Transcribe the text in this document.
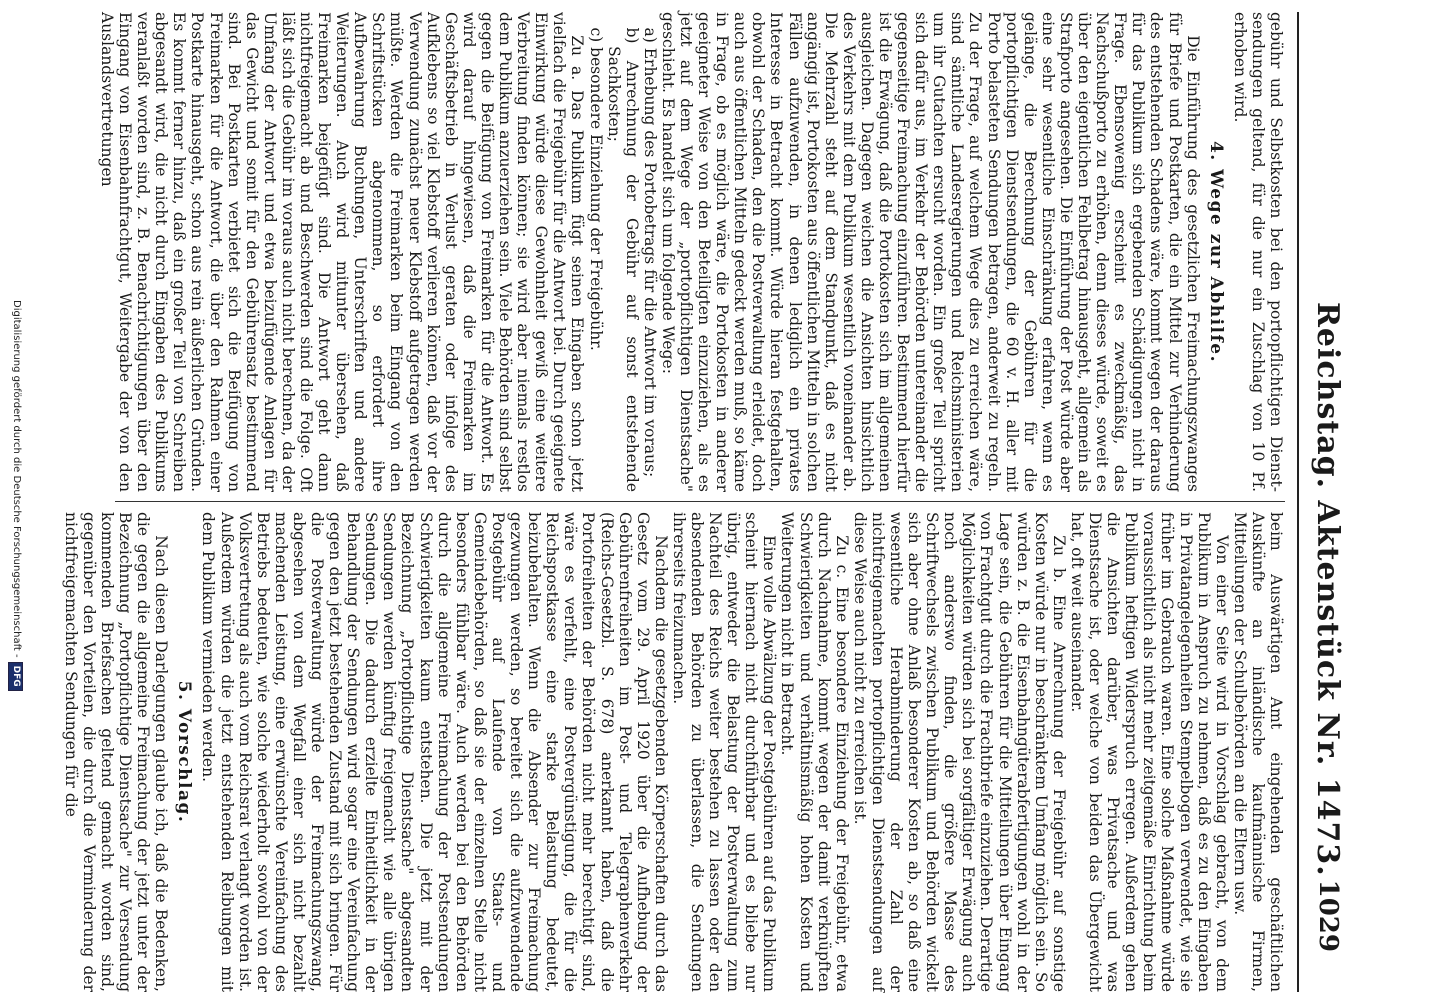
Reichstag. Aktenstück Nr. 1473.
1029

gebühr und Selbstkosten bei den portopflichtigen Dienst- sendungen geltend, für die nur ein Zuschlag von 10 Pf. erhoben wird.

4. Wege zur Abhilfe.

Die Einführung des gesetzlichen Freimachungszwanges für Briefe und Postkarten, die ein Mittel zur Verhinderung des entstehenden Schadens wäre, kommt wegen der daraus für das Publikum sich ergebenden Schädigungen nicht in Frage. Ebensowenig erscheint es zweckmäßig, das Nachschußporto zu erhöhen, denn dieses würde, soweit es über den eigentlichen Fehlbetrag hinausgeht, allgemein als Strafporto angesehen. Die Einführung der Post würde aber eine sehr wesentliche Einschränkung erfahren, wenn es gelänge, die Berechnung der Gebühren für die portopflichtigen Dienstsendungen, die 60 v. H. aller mit Porto belasteten Sendungen betragen, anderweit zu regeln. Zu der Frage, auf welchem Wege dies zu erreichen wäre, sind sämtliche Landesregierungen und Reichsministerien um ihr Gutachten ersucht worden. Ein großer Teil spricht sich dafür aus, im Verkehr der Behörden untereinander die gegenseitige Freimachung einzuführen. Bestimmend hierfür ist die Erwägung, daß die Portokosten sich im allgemeinen ausgleichen. Dagegen weichen die Ansichten hinsichtlich des Verkehrs mit dem Publikum wesentlich voneinander ab. Die Mehrzahl steht auf dem Standpunkt, daß es nicht angängig ist, Portokosten aus öffentlichen Mitteln in solchen Fällen aufzuwenden, in denen lediglich ein privates Interesse in Betracht kommt. Würde hieran festgehalten, obwohl der Schaden, den die Postverwaltung erleidet, doch auch aus öffentlichen Mitteln gedeckt werden muß, so käme in Frage, ob es möglich wäre, die Portokosten in anderer geeigneter Weise von den Beteiligten einzuziehen, als es jetzt auf dem Wege der „portopflichtigen Dienstsache" geschieht. Es handelt sich um folgende Wege:

a) Erhebung des Portobetrags für die Antwort im voraus;

b) Anrechnung der Gebühr auf sonst entstehende Sachkosten;

c) besondere Einziehung der Freigebühr.

Zu a. Das Publikum fügt seinen Eingaben schon jetzt vielfach die Freigebühr für die Antwort bei. Durch geeignete Einwirkung würde diese Gewohnheit gewiß eine weitere Verbreitung finden können; sie wird aber niemals restlos dem Publikum anzuerziehen sein. Viele Behörden sind selbst gegen die Beifügung von Freimarken für die Antwort. Es wird darauf hingewiesen, daß die Freimarken im Geschäftsbetrieb in Verlust geraten oder infolge des Aufklebens so viel Klebstoff verlieren können, daß vor der Verwendung zunächst neuer Klebstoff aufgetragen werden müßte. Werden die Freimarken beim Eingang von den Schriftstücken abgenommen, so erfordert ihre Aufbewahrung Buchungen, Unterschriften und andere Weiterungen. Auch wird mitunter übersehen, daß Freimarken beigefügt sind. Die Antwort geht dann nichtfreigemacht ab und Beschwerden sind die Folge. Oft läßt sich die Gebühr im voraus auch nicht berechnen, da der Umfang der Antwort und etwa beizufügende Anlagen für das Gewicht und somit für den Gebührensatz bestimmend sind. Bei Postkarten verbietet sich die Beifügung von Freimarken für die Antwort, die über den Rahmen einer Postkarte hinausgeht, schon aus rein äußerlichen Gründen. Es kommt ferner hinzu, daß ein großer Teil von Schreiben abgesandt wird, die nicht durch Eingaben des Publikums veranlaßt worden sind, z. B. Benachrichtigungen über den Eingang von Eisenbahnfrachtgut, Weitergabe der von den Auslandsvertretungen

beim Auswärtigen Amt eingehenden geschäftlichen Auskünfte an inländische kaufmännische Firmen, Mitteilungen der Schulbehörden an die Eltern usw.

Von einer Seite wird in Vorschlag gebracht, von dem Publikum in Anspruch zu nehmen, daß es zu den Eingaben in Privatangelegenheiten Stempelbogen verwendet, wie sie früher im Gebrauch waren. Eine solche Maßnahme würde voraussichtlich als nicht mehr zeitgemäße Einrichtung beim Publikum heftigen Widerspruch erregen. Außerdem gehen die Ansichten darüber, was Privatsache und was Dienstsache ist, oder welche von beiden das Übergewicht hat, oft weit auseinander.

Zu b. Eine Anrechnung der Freigebühr auf sonstige Kosten würde nur in beschränktem Umfang möglich sein. So würden z. B. die Eisenbahngüterabfertigungen wohl in der Lage sein, die Gebühren für die Mitteilungen über Eingang von Frachtgut durch die Frachtbriefe einzuziehen. Derartige Möglichkeiten würden sich bei sorgfältiger Erwägung auch noch anderswo finden, die größere Masse des Schriftwechsels zwischen Publikum und Behörden wickelt sich aber ohne Anlaß besonderer Kosten ab, so daß eine wesentliche Herabminderung der Zahl der nichtfreigemachten portopflichtigen Dienstsendungen auf diese Weise auch nicht zu erreichen ist.

Zu c. Eine besondere Einziehung der Freigebühr, etwa durch Nachnahme, kommt wegen der damit verknüpften Schwierigkeiten und verhältnismäßig hohen Kosten und Weiterungen nicht in Betracht.

Eine volle Abwälzung der Postgebühren auf das Publikum scheint hiernach nicht durchführbar und es bliebe nur übrig, entweder die Belastung der Postverwaltung zum Nachteil des Reichs weiter bestehen zu lassen oder den absendenden Behörden zu überlassen, die Sendungen ihrerseits freizumachen.

Nachdem die gesetzgebenden Körperschaften durch das Gesetz vom 29. April 1920 über die Aufhebung der Gebührenfreiheiten im Post- und Telegraphenverkehr (Reichs-Gesetzbl. S. 678) anerkannt haben, daß die Portofreiheiten der Behörden nicht mehr berechtigt sind, wäre es verfehlt, eine Postvergünstigung, die für die Reichspostkasse eine starke Belastung bedeutet, beizubehalten. Wenn die Absender zur Freimachung gezwungen werden, so bereitet sich die aufzuwendende Postgebühr auf Laufende von Staats- und Gemeindebehörden, so daß sie der einzelnen Stelle nicht besonders fühlbar wäre. Auch werden bei den Behörden durch die allgemeine Freimachung der Postsendungen Schwierigkeiten kaum entstehen. Die jetzt mit der Bezeichnung „Portopflichtige Dienstsache" abgesandten Sendungen werden künftig freigemacht wie alle übrigen Sendungen. Die dadurch erzielte Einheitlichkeit in der Behandlung der Sendungen wird sogar eine Vereinfachung gegen den jetzt bestehenden Zustand mit sich bringen. Für die Postverwaltung würde der Freimachungszwang, abgesehen von dem Wegfall einer sich nicht bezahlt machenden Leistung, eine erwünschte Vereinfachung des Betriebs bedeuten, wie solche wiederholt sowohl von der Volksvertretung als auch vom Reichsrat verlangt worden ist. Außerdem würden die jetzt entstehenden Reibungen mit dem Publikum vermieden werden.

5. Vorschlag.

Nach diesen Darlegungen glaube ich, daß die Bedenken, die gegen die allgemeine Freimachung der jetzt unter der Bezeichnung „Portopflichtige Dienstsache" zur Versendung kommenden Briefsachen geltend gemacht worden sind, gegenüber den Vorteilen, die durch die Verminderung der nichtfreigemachten Sendungen für die

Digitalisierung gefördert durch die Deutsche Forschungsgemeinschaft -DFG
